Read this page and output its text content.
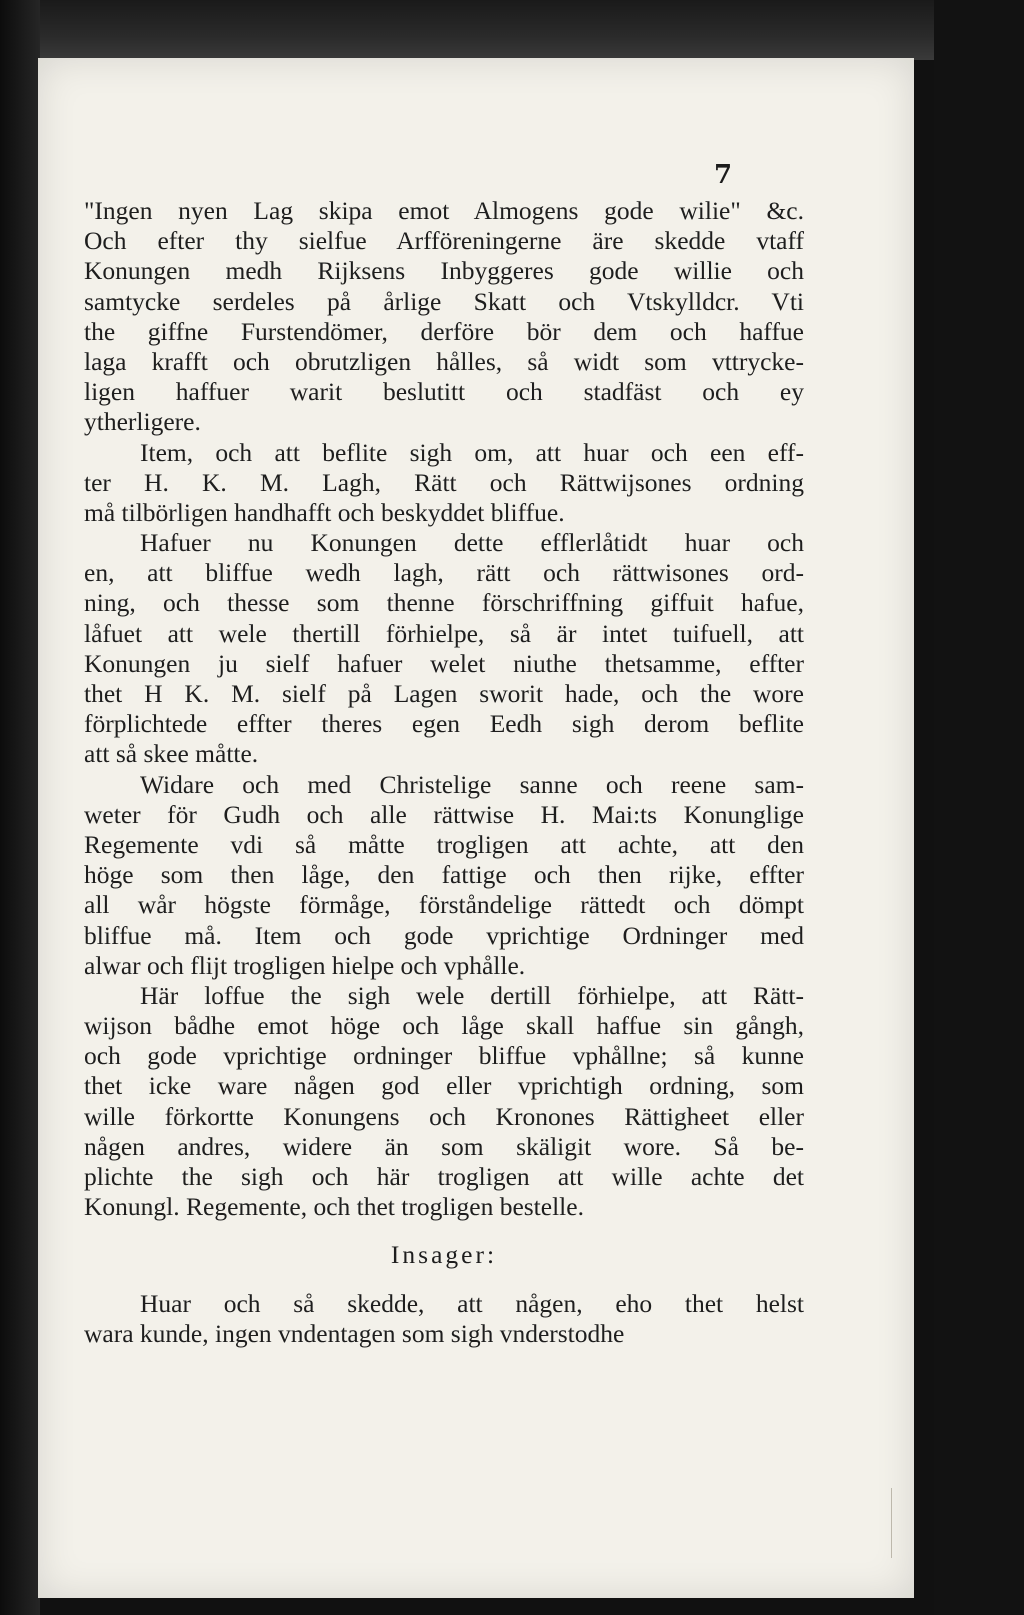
7
"Ingen nyen Lag skipa emot Almogens gode wilie" &c.
Och efter thy sielfue Arfföreningerne äre skedde vtaff
Konungen medh Rijksens Inbyggeres gode willie och
samtycke serdeles på årlige Skatt och Vtskylldcr. Vti
the giffne Furstendömer, derföre bör dem och haffue
laga krafft och obrutzligen hålles, så widt som vttrycke-
ligen haffuer warit beslutitt och stadfäst och ey
ytherligere.
Item, och att beflite sigh om, att huar och een eff-
ter H. K. M. Lagh, Rätt och Rättwijsones ordning
må tilbörligen handhafft och beskyddet bliffue.
Hafuer nu Konungen dette efflerlåtidt huar och
en, att bliffue wedh lagh, rätt och rättwisones ord-
ning, och thesse som thenne förschriffning giffuit hafue,
låfuet att wele thertill förhielpe, så är intet tuifuell, att
Konungen ju sielf hafuer welet niuthe thetsamme, effter
thet H K. M. sielf på Lagen sworit hade, och the wore
förplichtede effter theres egen Eedh sigh derom beflite
att så skee måtte.
Widare och med Christelige sanne och reene sam-
weter för Gudh och alle rättwise H. Mai:ts Konunglige
Regemente vdi så måtte trogligen att achte, att den
höge som then låge, den fattige och then rijke, effter
all wår högste förmåge, förståndelige rättedt och dömpt
bliffue må. Item och gode vprichtige Ordninger med
alwar och flijt trogligen hielpe och vphålle.
Här loffue the sigh wele dertill förhielpe, att Rätt-
wijson bådhe emot höge och låge skall haffue sin gångh,
och gode vprichtige ordninger bliffue vphållne; så kunne
thet icke ware någen god eller vprichtigh ordning, som
wille förkortte Konungens och Kronones Rättigheet eller
någen andres, widere än som skäligit wore. Så be-
plichte the sigh och här trogligen att wille achte det
Konungl. Regemente, och thet trogligen bestelle.
Insager:
Huar och så skedde, att någen, eho thet helst
wara kunde, ingen vndentagen som sigh vnderstodhe
